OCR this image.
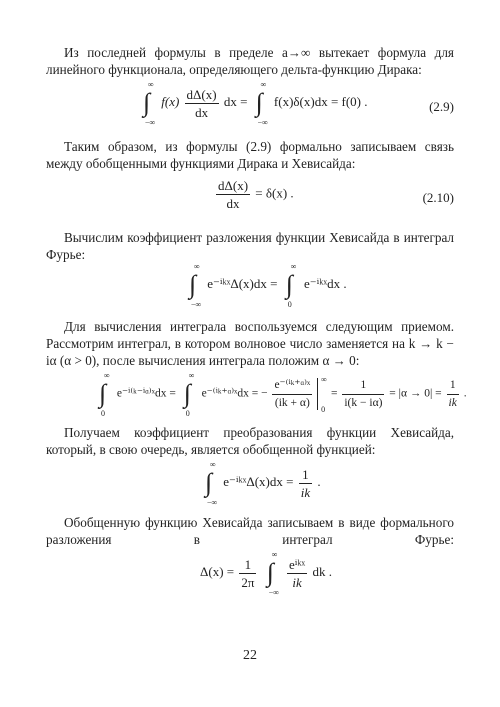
Из последней формулы в пределе a→∞ вытекает формула для линейного функционала, определяющего дельта-функцию Дирака:

∫
∞
−∞
$f(x) \frac{d\Delta(x)}{dx}$ dx = ∫
∞
−∞
f(x)δ(x)dx = f(0) .	(2.9)

Таким образом, из формулы (2.9) формально записываем связь между обобщенными функциями Дирака и Хевисайда:

$\frac{d\Delta(x)}{dx} = \delta(x)$ .	(2.10)

Вычислим коэффициент разложения функции Хевисайда в интеграл Фурье:

∫
∞
−∞
e⁻ⁱᵏˣΔ(x)dx = ∫
∞
0
e⁻ⁱᵏˣdx .

Для вычисления интеграла воспользуемся следующим приемом. Рассмотрим интеграл, в котором волновое число заменяется на k → k − iα (α > 0), после вычисления интеграла положим α → 0:

∫
∞
0
e⁻ⁱ⁽ᵏ⁻ⁱᵅ⁾ˣdx = ∫
∞
0
e⁻⁽ⁱᵏ⁺ᵅ⁾ˣdx = − $\frac{\text{e⁻⁽ⁱᵏ⁺ᵅ⁾ˣ}}{(ik + \alpha)}$
∞
0
= $\frac{1}{i(k - i\alpha)} = |\alpha \to 0| = \frac{1}{ik}$ .

Получаем коэффициент преобразования функции Хевисайда, который, в свою очередь, является обобщенной функцией:

∫
∞
−∞
e⁻ⁱᵏˣΔ(x)dx = $\frac{1}{ik}$ .

Обобщенную функцию Хевисайда записываем в виде формального разложения в интеграл Фурье:

$\Delta(x) = \frac{1}{2\pi}$
∫
∞
−∞

$\frac{\text{eⁱᵏˣ}}{ik}$ dk .
22
